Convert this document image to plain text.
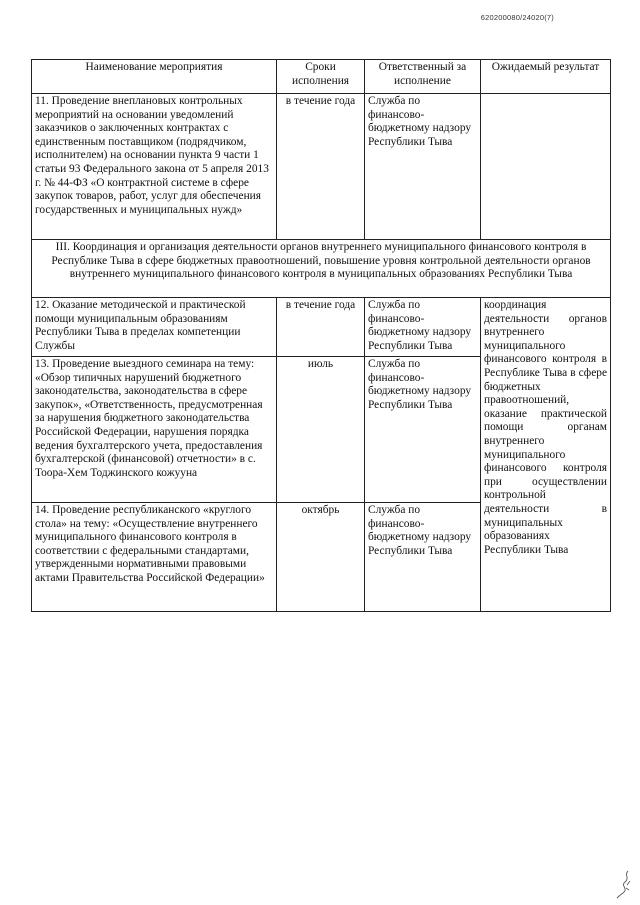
620200080/24020(7)
Наименование мероприятия	Сроки исполнения	Ответственный за исполнение	Ожидаемый результат
11. Проведение внеплановых контрольных мероприятий на основании уведомлений заказчиков о заключенных контрактах с единственным поставщиком (подрядчиком, исполнителем) на основании пункта 9 части 1 статьи 93 Федерального закона от 5 апреля 2013 г. № 44-ФЗ «О контрактной системе в сфере закупок товаров, работ, услуг для обеспечения государственных и муниципальных нужд»	в течение года	Служба по финансово-бюджетному надзору Республики Тыва	
III. Координация и организация деятельности органов внутреннего муниципального финансового контроля в Республике Тыва в сфере бюджетных правоотношений, повышение уровня контрольной деятельности органов внутреннего муниципального финансового контроля в муниципальных образованиях Республики Тыва			
12. Оказание методической и практической помощи муниципальным образованиям Республики Тыва в пределах компетенции Службы	в течение года	Служба по финансово-бюджетному надзору Республики Тыва	координация деятельности органов внутреннего муниципального финансового контроля в Республике Тыва в сфере бюджетных правоотношений, оказание практической помощи органам внутреннего муниципального финансового контроля при осуществлении контрольной деятельности в муниципальных образованиях Республики Тыва
13. Проведение выездного семинара на тему: «Обзор типичных нарушений бюджетного законодательства, законодательства в сфере закупок», «Ответственность, предусмотренная за нарушения бюджетного законодательства Российской Федерации, нарушения порядка ведения бухгалтерского учета, предоставления бухгалтерской (финансовой) отчетности» в с. Тоора-Хем Тоджинского кожууна	июль	Служба по финансово-бюджетному надзору Республики Тыва	
14. Проведение республиканского «круглого стола» на тему: «Осуществление внутреннего муниципального финансового контроля в соответствии с федеральными стандартами, утвержденными нормативными правовыми актами Правительства Российской Федерации»	октябрь	Служба по финансово-бюджетному надзору Республики Тыва	
